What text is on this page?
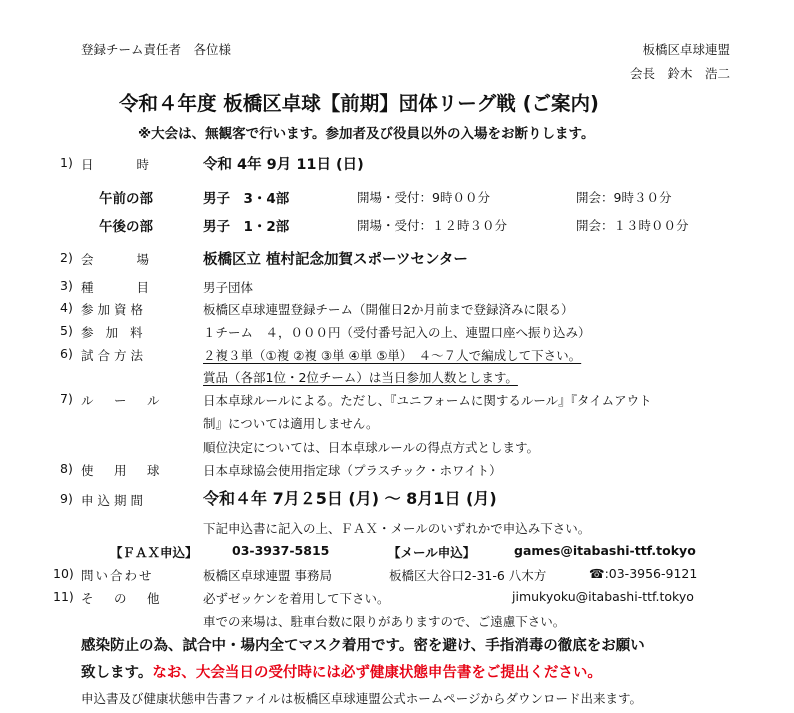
登録チーム責任者　各位様	板橋区卓球連盟
会長　鈴木　浩二
令和４年度 板橋区卓球【前期】団体リーグ戦 (ご案内)
※大会は、無観客で行います。参加者及び役員以外の入場をお断りします。
1) 日　　時	令和 4年 9月 11日 (日)
午前の部	男子　3・4部	開場・受付：9時００分	開会：9時３０分
午後の部	男子　1・2部	開場・受付：１２時３０分	開会：１３時００分
2) 会　　場	板橋区立 植村記念加賀スポーツセンター
3) 種　　目	男子団体
4) 参加資格	板橋区卓球連盟登録チーム（開催日2か月前まで登録済みに限る）
5) 参 加 料	１チーム　４，０００円（受付番号記入の上、連盟口座へ振り込み）
6) 試合方法	２複３単（①複 ②複 ③単 ④単 ⑤単）　４～７人で編成して下さい。
賞品（各部1位・2位チーム）は当日参加人数とします。
7) ル　ー　ル	日本卓球ルールによる。ただし、『ユニフォームに関するルール』『タイムアウト
制』については適用しません。
順位決定については、日本卓球ルールの得点方式とします。
8) 使　用　球	日本卓球協会使用指定球（プラスチック・ホワイト）
9) 申込期間	令和４年 7月２5日 (月) ～ 8月1日 (月)
下記申込書に記入の上、ＦＡＸ・メールのいずれかで申込み下さい。
【ＦＡＸ申込】	03-3937-5815	【メール申込】	games@itabashi-ttf.tokyo
10) 問い合わせ	板橋区卓球連盟 事務局	板橋区大谷口2-31-6 八木方	☎:03-3956-9121
11) そ　の　他	必ずゼッケンを着用して下さい。	jimukyoku@itabashi-ttf.tokyo
車での来場は、駐車台数に限りがありますので、ご遠慮下さい。
感染防止の為、試合中・場内全てマスク着用です。密を避け、手指消毒の徹底をお願い
致します。なお、大会当日の受付時には必ず健康状態申告書をご提出ください。
申込書及び健康状態申告書ファイルは板橋区卓球連盟公式ホームページからダウンロード出来ます。
